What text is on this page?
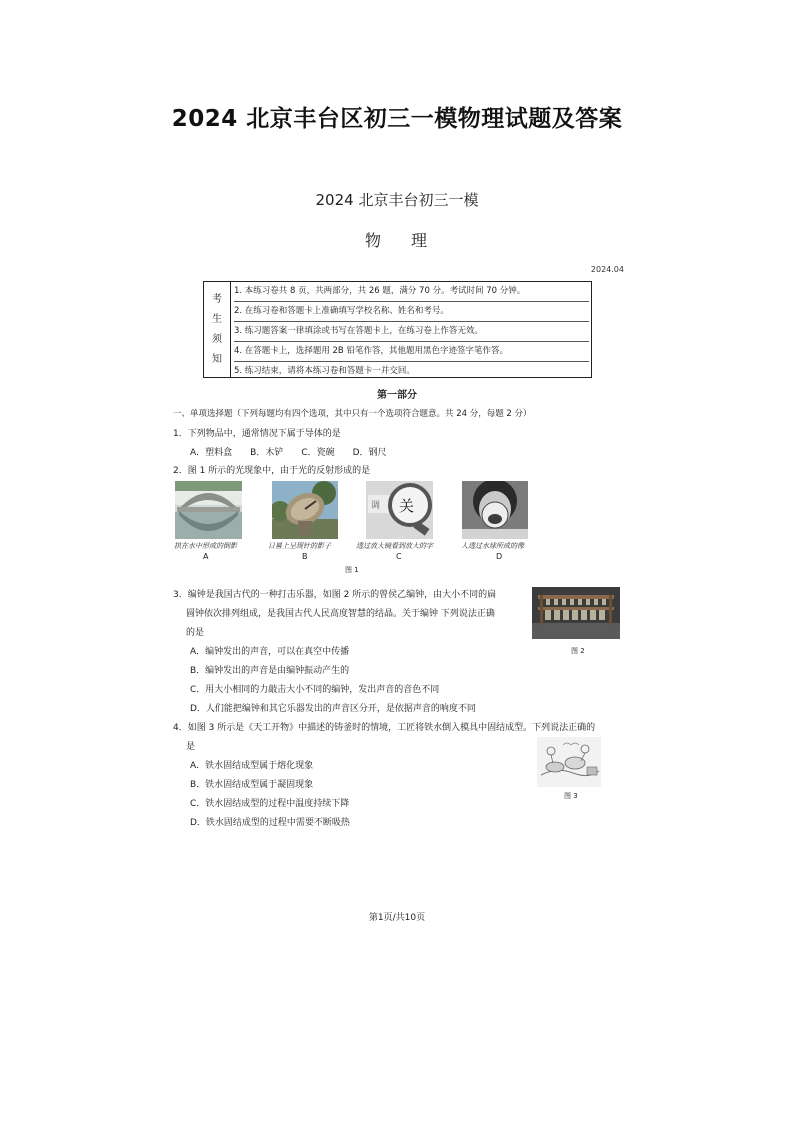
2024 北京丰台区初三一模物理试题及答案
2024 北京丰台初三一模
物 理
2024.04
考
生
须
知
1. 本练习卷共 8 页，共两部分，共 26 题，满分 70 分。考试时间 70 分钟。
2. 在练习卷和答题卡上准确填写学校名称、姓名和考号。
3. 练习题答案一律填涂或书写在答题卡上，在练习卷上作答无效。
4. 在答题卡上，选择题用 2B 铅笔作答，其他题用黑色字迹签字笔作答。
5. 练习结束，请将本练习卷和答题卡一并交回。
第一部分
一、单项选择题（下列每题均有四个选项，其中只有一个选项符合题意。共 24 分，每题 2 分）
1．下列物品中，通常情况下属于导体的是
A．塑料盒　　B．木铲　　C．瓷碗　　D．钢尺
2．图 1 所示的光现象中，由于光的反射形成的是
调 关
拱在水中形成的倒影	日晷上呈现针的影子	透过放大镜看到放大的字	人透过水球所成的像
A	B	C	D
图 1
3．编钟是我国古代的一种打击乐器，如图 2 所示的曾侯乙编钟，由大小不同的扁
圆钟依次排列组成，是我国古代人民高度智慧的结晶。关于编钟 下列说法正确
的是
A．编钟发出的声音，可以在真空中传播
B．编钟发出的声音是由编钟振动产生的
C．用大小相同的力敲击大小不同的编钟，发出声音的音色不同
D．人们能把编钟和其它乐器发出的声音区分开，是依据声音的响度不同
图 2
4．如图 3 所示是《天工开物》中描述的铸釜时的情境，工匠将铁水倒入模具中固结成型。下列说法正确的
是
A．铁水固结成型属于熔化现象
B．铁水固结成型属于凝固现象
C．铁水固结成型的过程中温度持续下降
D．铁水固结成型的过程中需要不断吸热
图 3
第1页/共10页
